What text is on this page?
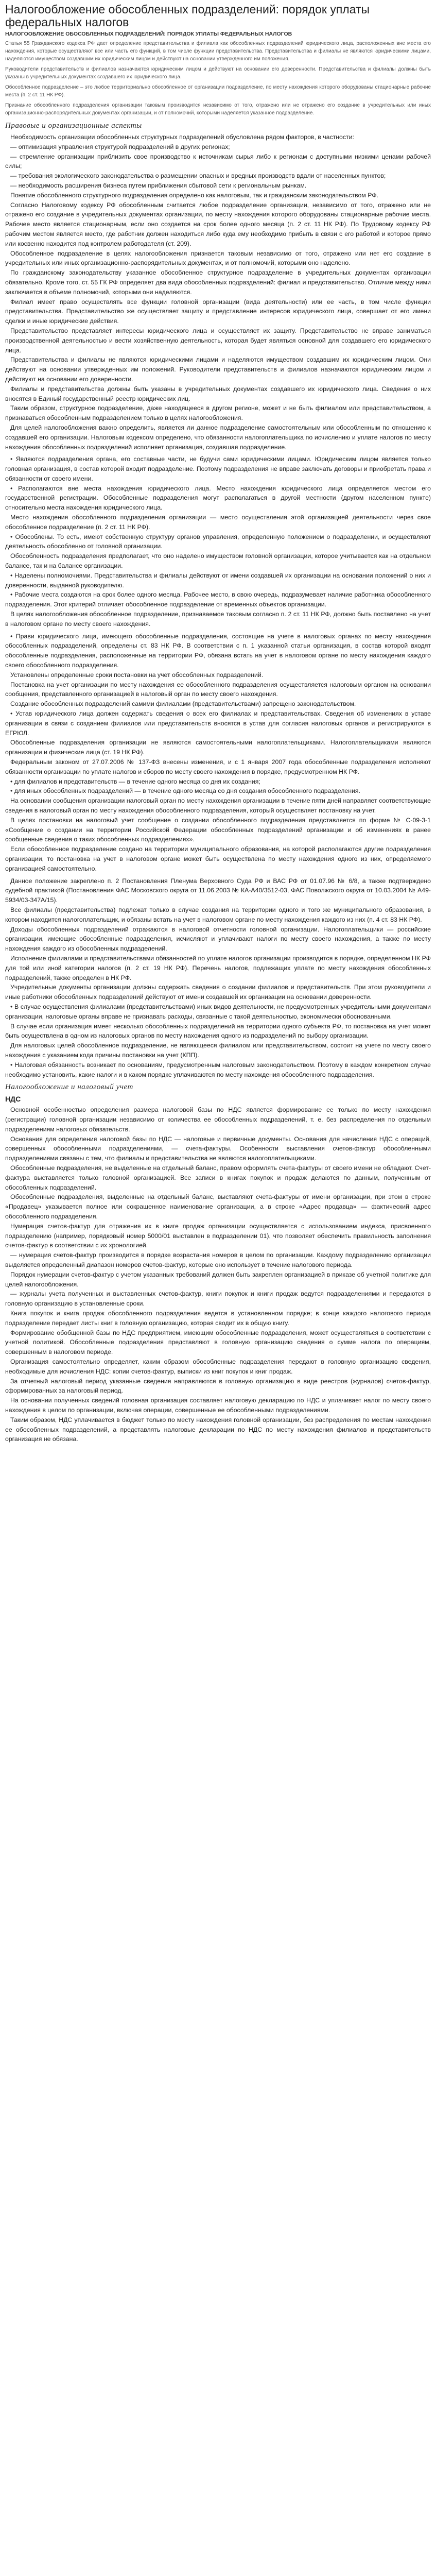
Налогообложение обособленных подразделений: порядок уплаты федеральных налогов
НАЛОГООБЛОЖЕНИЕ ОБОСОБЛЕННЫХ ПОДРАЗДЕЛЕНИЙ: ПОРЯДОК УПЛАТЫ ФЕДЕРАЛЬНЫХ НАЛОГОВ

Статья 55 Гражданского кодекса РФ дает определение представительства и филиала как обособленных подразделений юридического лица, расположенных вне места его нахождения, которые осуществляют все или часть его функций, в том числе функции представительства. Представительства и филиалы не являются юридическими лицами, наделяются имуществом создавшим их юридическим лицом и действуют на основании утвержденного им положения.

Руководители представительств и филиалов назначаются юридическим лицом и действуют на основании его доверенности. Представительства и филиалы должны быть указаны в учредительных документах создавшего их юридического лица.

Обособленное подразделение – это любое территориально обособленное от организации подразделение, по месту нахождения которого оборудованы стационарные рабочие места (п. 2 ст. 11 НК РФ).

Признание обособленного подразделения организации таковым производится независимо от того, отражено или не отражено его создание в учредительных или иных организационно-распорядительных документах организации, и от полномочий, которыми наделяется указанное подразделение.

Правовые и организационные аспекты

Необходимость организации обособленных структурных подразделений обусловлена рядом факторов, в частности:

— оптимизация управления структурой подразделений в других регионах;

— стремление организации приблизить свое производство к источникам сырья либо к регионам с доступными низкими ценами рабочей силы;

— требования экологического законодательства о размещении опасных и вредных производств вдали от населенных пунктов;

— необходимость расширения бизнеса путем приближения сбытовой сети к региональным рынкам.

Понятие обособленного структурного подразделения определено как налоговым, так и гражданским законодательством РФ.

Согласно Налоговому кодексу РФ обособленным считается любое подразделение организации, независимо от того, отражено или не отражено его создание в учредительных документах организации, по месту нахождения которого оборудованы стационарные рабочие места. Рабочее место является стационарным, если оно создается на срок более одного месяца (п. 2 ст. 11 НК РФ). По Трудовому кодексу РФ рабочим местом является место, где работник должен находиться либо куда ему необходимо прибыть в связи с его работой и которое прямо или косвенно находится под контролем работодателя (ст. 209).

Обособленное подразделение в целях налогообложения признается таковым независимо от того, отражено или нет его создание в учредительных или иных организационно-распорядительных документах, и от полномочий, которыми оно наделено.

По гражданскому законодательству указанное обособленное структурное подразделение в учредительных документах организации обязательно. Кроме того, ст. 55 ГК РФ определяет два вида обособленных подразделений: филиал и представительство. Отличие между ними заключается в объеме полномочий, которыми они наделяются.

Филиал имеет право осуществлять все функции головной организации (вида деятельности) или ее часть, в том числе функции представительства. Представительство же осуществляет защиту и представление интересов юридического лица, совершает от его имени сделки и иные юридические действия.

Представительство представляет интересы юридического лица и осуществляет их защиту. Представительство не вправе заниматься производственной деятельностью и вести хозяйственную деятельность, которая будет являться основной для создавшего его юридического лица.

Представительства и филиалы не являются юридическими лицами и наделяются имуществом создавшим их юридическим лицом. Они действуют на основании утвержденных им положений. Руководители представительств и филиалов назначаются юридическим лицом и действуют на основании его доверенности.

Филиалы и представительства должны быть указаны в учредительных документах создавшего их юридического лица. Сведения о них вносятся в Единый государственный реестр юридических лиц.

Таким образом, структурное подразделение, даже находящееся в другом регионе, может и не быть филиалом или представительством, а признаваться обособленным подразделением только в целях налогообложения.

Для целей налогообложения важно определить, является ли данное подразделение самостоятельным или обособленным по отношению к создавшей его организации. Налоговым кодексом определено, что обязанности налогоплательщика по исчислению и уплате налогов по месту нахождения обособленных подразделений исполняет организация, создавшая подразделение.

• Являются подразделения органа, его составные части, не будучи сами юридическими лицами. Юридическим лицом является только головная организация, в состав которой входит подразделение. Поэтому подразделения не вправе заключать договоры и приобретать права и обязанности от своего имени.

• Располагаются вне места нахождения юридического лица. Место нахождения юридического лица определяется местом его государственной регистрации. Обособленные подразделения могут располагаться в другой местности (другом населенном пункте) относительно места нахождения юридического лица.

Место нахождения обособленного подразделения организации — место осуществления этой организацией деятельности через свое обособленное подразделение (п. 2 ст. 11 НК РФ).

• Обособлены. То есть, имеют собственную структуру органов управления, определенную положением о подразделении, и осуществляют деятельность обособленно от головной организации.

Обособленность подразделения предполагает, что оно наделено имуществом головной организации, которое учитывается как на отдельном балансе, так и на балансе организации.

• Наделены полномочиями. Представительства и филиалы действуют от имени создавшей их организации на основании положений о них и доверенности, выданной руководителю.

• Рабочие места создаются на срок более одного месяца. Рабочее место, в свою очередь, подразумевает наличие работника обособленного подразделения. Этот критерий отличает обособленное подразделение от временных объектов организации.

В целях налогообложения обособленное подразделение, признаваемое таковым согласно п. 2 ст. 11 НК РФ, должно быть поставлено на учет в налоговом органе по месту своего нахождения.

• Прави юридического лица, имеющего обособленные подразделения, состоящие на учете в налоговых органах по месту нахождения обособленных подразделений, определены ст. 83 НК РФ. В соответствии с п. 1 указанной статьи организация, в состав которой входят обособленные подразделения, расположенные на территории РФ, обязана встать на учет в налоговом органе по месту нахождения каждого своего обособленного подразделения.

Установлены определенные сроки постановки на учет обособленных подразделений.

Постановка на учет организации по месту нахождения ее обособленного подразделения осуществляется налоговым органом на основании сообщения, представленного организацией в налоговый орган по месту своего нахождения.

Создание обособленных подразделений самими филиалами (представительствами) запрещено законодательством.

• Устав юридического лица должен содержать сведения о всех его филиалах и представительствах. Сведения об изменениях в уставе организации в связи с созданием филиалов или представительств вносятся в устав для согласия налоговых органов и регистрируются в ЕГРЮЛ.

Обособленные подразделения организации не являются самостоятельными налогоплательщиками. Налогоплательщиками являются организации и физические лица (ст. 19 НК РФ).

Федеральным законом от 27.07.2006 № 137-ФЗ внесены изменения, и с 1 января 2007 года обособленные подразделения исполняют обязанности организации по уплате налогов и сборов по месту своего нахождения в порядке, предусмотренном НК РФ.

• для филиалов и представительств — в течение одного месяца со дня их создания;

• для иных обособленных подразделений — в течение одного месяца со дня создания обособленного подразделения.

На основании сообщения организации налоговый орган по месту нахождения организации в течение пяти дней направляет соответствующие сведения в налоговый орган по месту нахождения обособленного подразделения, который осуществляет постановку на учет.

В целях постановки на налоговый учет сообщение о создании обособленного подразделения представляется по форме № С-09-3-1 «Сообщение о создании на территории Российской Федерации обособленных подразделений организации и об изменениях в ранее сообщенные сведения о таких обособленных подразделениях».

Если обособленное подразделение создано на территории муниципального образования, на которой располагаются другие подразделения организации, то постановка на учет в налоговом органе может быть осуществлена по месту нахождения одного из них, определяемого организацией самостоятельно.

Данное положение закреплено п. 2 Постановления Пленума Верховного Суда РФ и ВАС РФ от 01.07.96 № 6/8, а также подтверждено судебной практикой (Постановления ФАС Московского округа от 11.06.2003 № КА-А40/3512-03, ФАС Поволжского округа от 10.03.2004 № А49-5934/03-347А/15).

Все филиалы (представительства) подлежат только в случае создания на территории одного и того же муниципального образования, в котором находится налогоплательщик, и обязаны встать на учет в налоговом органе по месту нахождения каждого из них (п. 4 ст. 83 НК РФ).

Доходы обособленных подразделений отражаются в налоговой отчетности головной организации. Налогоплательщики — российские организации, имеющие обособленные подразделения, исчисляют и уплачивают налоги по месту своего нахождения, а также по месту нахождения каждого из обособленных подразделений.

Исполнение филиалами и представительствами обязанностей по уплате налогов организации производится в порядке, определенном НК РФ для той или иной категории налогов (п. 2 ст. 19 НК РФ). Перечень налогов, подлежащих уплате по месту нахождения обособленных подразделений, также определен в НК РФ.

Учредительные документы организации должны содержать сведения о создании филиалов и представительств. При этом руководители и иные работники обособленных подразделений действуют от имени создавшей их организации на основании доверенности.

• В случае осуществления филиалами (представительствами) иных видов деятельности, не предусмотренных учредительными документами организации, налоговые органы вправе не признавать расходы, связанные с такой деятельностью, экономически обоснованными.

В случае если организация имеет несколько обособленных подразделений на территории одного субъекта РФ, то постановка на учет может быть осуществлена в одном из налоговых органов по месту нахождения одного из подразделений по выбору организации.

Для налоговых целей обособленное подразделение, не являющееся филиалом или представительством, состоит на учете по месту своего нахождения с указанием кода причины постановки на учет (КПП).

• Налоговая обязанность возникает по основаниям, предусмотренным налоговым законодательством. Поэтому в каждом конкретном случае необходимо установить, какие налоги и в каком порядке уплачиваются по месту нахождения обособленного подразделения.

Налогообложение и налоговый учет
НДС

Основной особенностью определения размера налоговой базы по НДС является формирование ее только по месту нахождения (регистрации) головной организации независимо от количества ее обособленных подразделений, т. е. без распределения по отдельным подразделениям налоговых обязательств.

Основания для определения налоговой базы по НДС — налоговые и первичные документы. Основания для начисления НДС с операций, совершенных обособленными подразделениями, — счета-фактуры. Особенности выставления счетов-фактур обособленными подразделениями связаны с тем, что филиалы и представительства не являются налогоплательщиками.

Обособленные подразделения, не выделенные на отдельный баланс, правом оформлять счета-фактуры от своего имени не обладают. Счет-фактура выставляется только головной организацией. Все записи в книгах покупок и продаж делаются по данным, полученным от обособленных подразделений.

Обособленные подразделения, выделенные на отдельный баланс, выставляют счета-фактуры от имени организации, при этом в строке «Продавец» указывается полное или сокращенное наименование организации, а в строке «Адрес продавца» — фактический адрес обособленного подразделения.

Нумерация счетов-фактур для отражения их в книге продаж организации осуществляется с использованием индекса, присвоенного подразделению (например, порядковый номер 5000/01 выставлен в подразделении 01), что позволяет обеспечить правильность заполнения счетов-фактур в соответствии с их хронологией.

— нумерация счетов-фактур производится в порядке возрастания номеров в целом по организации. Каждому подразделению организации выделяется определенный диапазон номеров счетов-фактур, которые оно использует в течение налогового периода.

Порядок нумерации счетов-фактур с учетом указанных требований должен быть закреплен организацией в приказе об учетной политике для целей налогообложения.

— журналы учета полученных и выставленных счетов-фактур, книги покупок и книги продаж ведутся подразделениями и передаются в головную организацию в установленные сроки.

Книга покупок и книга продаж обособленного подразделения ведется в установленном порядке; в конце каждого налогового периода подразделение передает листы книг в головную организацию, которая сводит их в общую книгу.

Формирование обобщенной базы по НДС предприятием, имеющим обособленные подразделения, может осуществляться в соответствии с учетной политикой. Обособленные подразделения представляют в головную организацию сведения о сумме налога по операциям, совершенным в налоговом периоде.

Организация самостоятельно определяет, каким образом обособленные подразделения передают в головную организацию сведения, необходимые для исчисления НДС: копии счетов-фактур, выписки из книг покупок и книг продаж.

За отчетный налоговый период указанные сведения направляются в головную организацию в виде реестров (журналов) счетов-фактур, сформированных за налоговый период.

На основании полученных сведений головная организация составляет налоговую декларацию по НДС и уплачивает налог по месту своего нахождения в целом по организации, включая операции, совершенные ее обособленными подразделениями.

Таким образом, НДС уплачивается в бюджет только по месту нахождения головной организации, без распределения по местам нахождения ее обособленных подразделений, а представлять налоговые декларации по НДС по месту нахождения филиалов и представительств организация не обязана.
